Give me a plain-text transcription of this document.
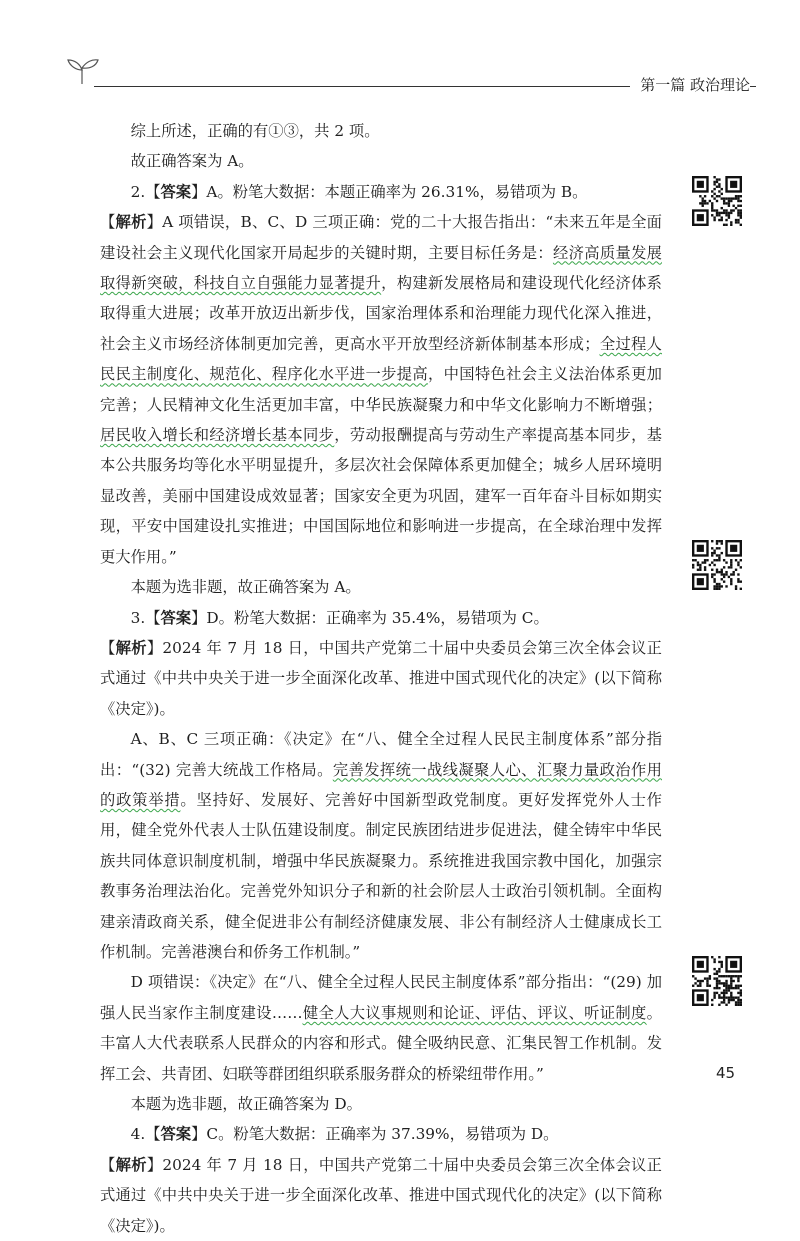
第一篇 政治理论

综上所述，正确的有①③，共 2 项。

故正确答案为 A。

2.【答案】A。粉笔大数据：本题正确率为 26.31%，易错项为 B。

【解析】A 项错误，B、C、D 三项正确：党的二十大报告指出：“未来五年是全面建设社会主义现代化国家开局起步的关键时期，主要目标任务是：经济高质量发展取得新突破，科技自立自强能力显著提升，构建新发展格局和建设现代化经济体系取得重大进展；改革开放迈出新步伐，国家治理体系和治理能力现代化深入推进，社会主义市场经济体制更加完善，更高水平开放型经济新体制基本形成；全过程人民民主制度化、规范化、程序化水平进一步提高，中国特色社会主义法治体系更加完善；人民精神文化生活更加丰富，中华民族凝聚力和中华文化影响力不断增强；居民收入增长和经济增长基本同步，劳动报酬提高与劳动生产率提高基本同步，基本公共服务均等化水平明显提升，多层次社会保障体系更加健全；城乡人居环境明显改善，美丽中国建设成效显著；国家安全更为巩固，建军一百年奋斗目标如期实现，平安中国建设扎实推进；中国国际地位和影响进一步提高，在全球治理中发挥更大作用。”

本题为选非题，故正确答案为 A。

3.【答案】D。粉笔大数据：正确率为 35.4%，易错项为 C。

【解析】2024 年 7 月 18 日，中国共产党第二十届中央委员会第三次全体会议正式通过《中共中央关于进一步全面深化改革、推进中国式现代化的决定》(以下简称《决定》)。

A、B、C 三项正确：《决定》在“八、健全全过程人民民主制度体系”部分指出：“(32) 完善大统战工作格局。完善发挥统一战线凝聚人心、汇聚力量政治作用的政策举措。坚持好、发展好、完善好中国新型政党制度。更好发挥党外人士作用，健全党外代表人士队伍建设制度。制定民族团结进步促进法，健全铸牢中华民族共同体意识制度机制，增强中华民族凝聚力。系统推进我国宗教中国化，加强宗教事务治理法治化。完善党外知识分子和新的社会阶层人士政治引领机制。全面构建亲清政商关系，健全促进非公有制经济健康发展、非公有制经济人士健康成长工作机制。完善港澳台和侨务工作机制。”

D 项错误：《决定》在“八、健全全过程人民民主制度体系”部分指出：“(29) 加强人民当家作主制度建设……健全人大议事规则和论证、评估、评议、听证制度。丰富人大代表联系人民群众的内容和形式。健全吸纳民意、汇集民智工作机制。发挥工会、共青团、妇联等群团组织联系服务群众的桥梁纽带作用。”

本题为选非题，故正确答案为 D。

4.【答案】C。粉笔大数据：正确率为 37.39%，易错项为 D。

【解析】2024 年 7 月 18 日，中国共产党第二十届中央委员会第三次全体会议正式通过《中共中央关于进一步全面深化改革、推进中国式现代化的决定》(以下简称《决定》)。

45
